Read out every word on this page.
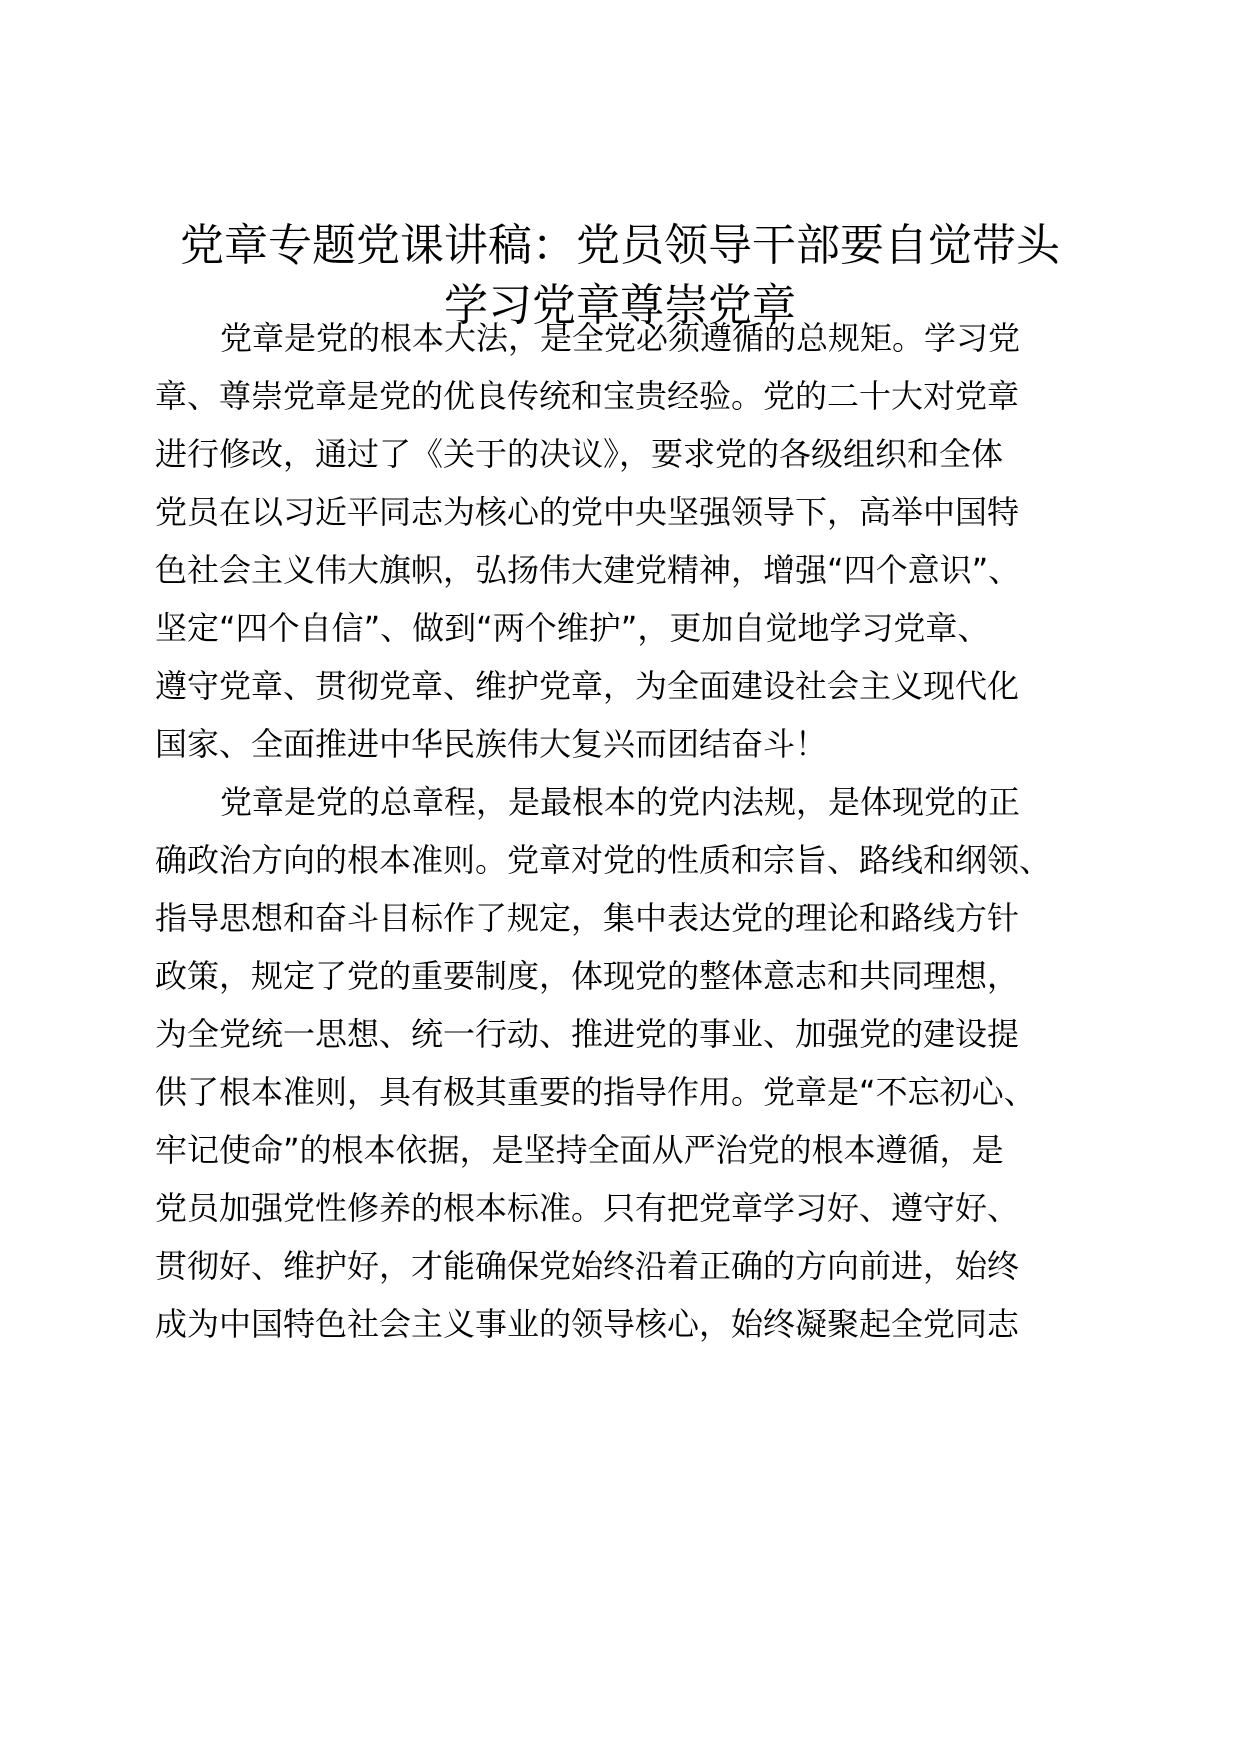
党章专题党课讲稿：党员领导干部要自觉带头
学习党章尊崇党章

党章是党的根本大法，是全党必须遵循的总规矩。学习党

章、尊崇党章是党的优良传统和宝贵经验。党的二十大对党章

进行修改，通过了《关于的决议》，要求党的各级组织和全体

党员在以习近平同志为核心的党中央坚强领导下，高举中国特

色社会主义伟大旗帜，弘扬伟大建党精神，增强“四个意识”、

坚定“四个自信”、做到“两个维护”，更加自觉地学习党章、

遵守党章、贯彻党章、维护党章，为全面建设社会主义现代化

国家、全面推进中华民族伟大复兴而团结奋斗！

党章是党的总章程，是最根本的党内法规，是体现党的正

确政治方向的根本准则。党章对党的性质和宗旨、路线和纲领、

指导思想和奋斗目标作了规定，集中表达党的理论和路线方针

政策，规定了党的重要制度，体现党的整体意志和共同理想，

为全党统一思想、统一行动、推进党的事业、加强党的建设提

供了根本准则，具有极其重要的指导作用。党章是“不忘初心、

牢记使命”的根本依据，是坚持全面从严治党的根本遵循，是

党员加强党性修养的根本标准。只有把党章学习好、遵守好、

贯彻好、维护好，才能确保党始终沿着正确的方向前进，始终

成为中国特色社会主义事业的领导核心，始终凝聚起全党同志
